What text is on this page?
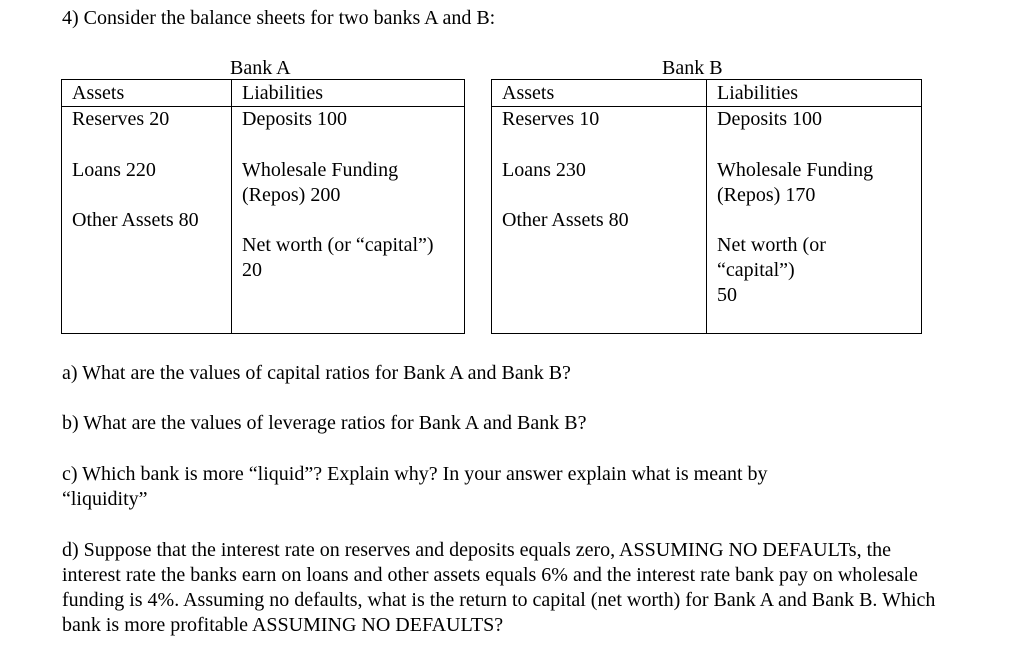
4) Consider the balance sheets for two banks A and B:
Bank A
Assets	Liabilities
Reserves 20
Loans 220
Other Assets 80
Deposits 100
Wholesale Funding
(Repos) 200
Net worth (or “capital”)
20
Bank B
Assets	Liabilities
Reserves 10
Loans 230
Other Assets 80
Deposits 100
Wholesale Funding
(Repos) 170
Net worth (or
“capital”)
50
a) What are the values of capital ratios for Bank A and Bank B?
b) What are the values of leverage ratios for Bank A and Bank B?
c) Which bank is more “liquid”? Explain why? In your answer explain what is meant by
“liquidity”
d) Suppose that the interest rate on reserves and deposits equals zero, ASSUMING NO DEFAULTs, the interest rate the banks earn on loans and other assets equals 6% and the interest rate bank pay on wholesale funding is 4%. Assuming no defaults, what is the return to capital (net worth) for Bank A and Bank B. Which bank is more profitable ASSUMING NO DEFAULTS?
